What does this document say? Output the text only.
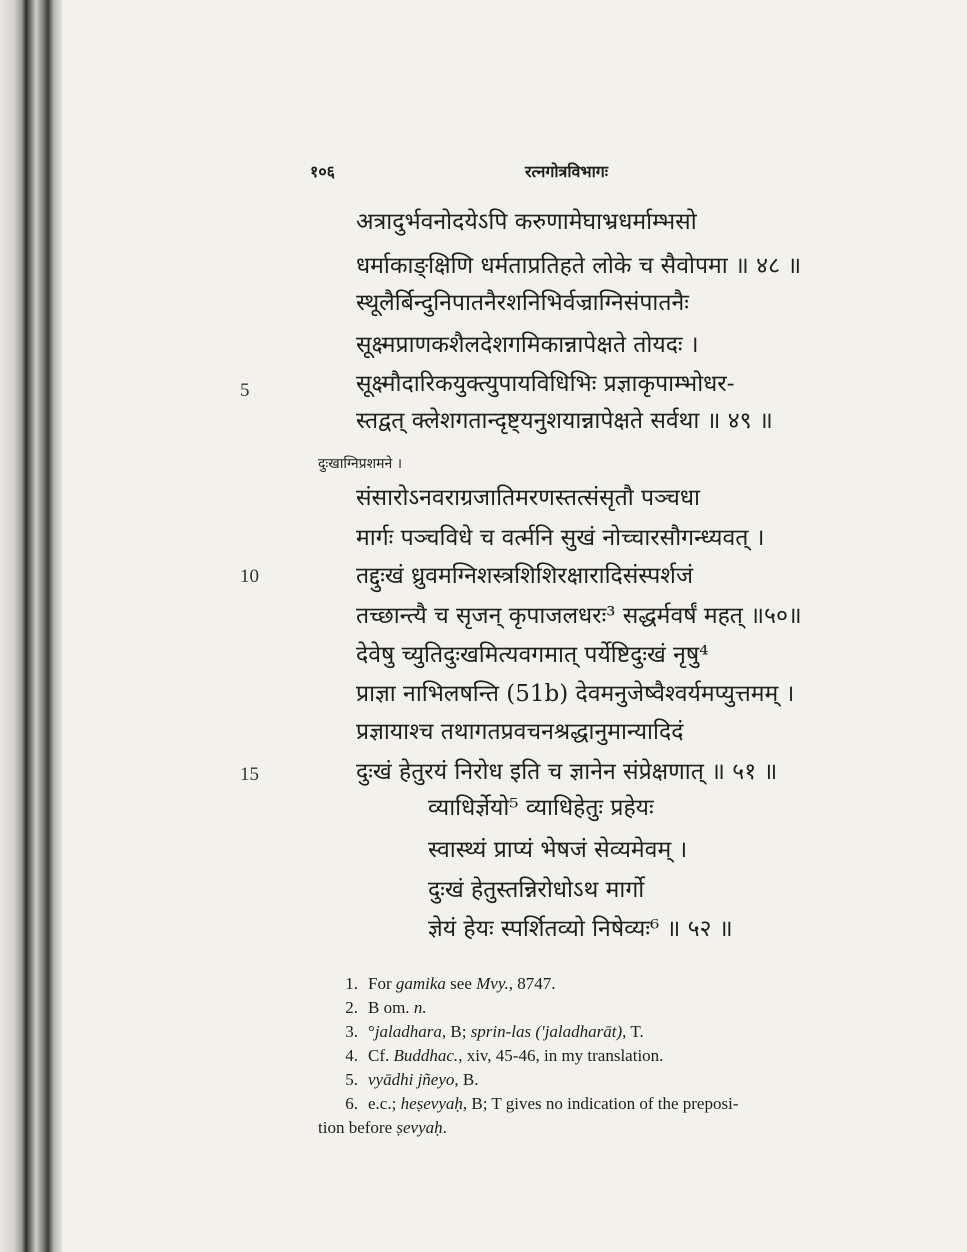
१०६	रत्नगोत्रविभागः
5
10
15
अत्रादुर्भवनोदयेऽपि करुणामेघाभ्रधर्माम्भसो
धर्माकाङ्क्षिणि धर्मताप्रतिहते लोके च सैवोपमा ॥ ४८ ॥
स्थूलैर्बिन्दुनिपातनैरशनिभिर्वज्राग्निसंपातनैः
सूक्ष्मप्राणकशैलदेशगमिकान्नापेक्षते तोयदः ।
सूक्ष्मौदारिकयुक्त्युपायविधिभिः प्रज्ञाकृपाम्भोधर-
स्तद्वत् क्लेशगतान्दृष्ट्यनुशयान्नापेक्षते सर्वथा ॥ ४९ ॥
दुःखाग्निप्रशमने ।
संसारोऽनवराग्रजातिमरणस्तत्संसृतौ पञ्चधा
मार्गः पञ्चविधे च वर्त्मनि सुखं नोच्चारसौगन्ध्यवत् ।
तद्दुःखं ध्रुवमग्निशस्त्रशिशिरक्षारादिसंस्पर्शजं
तच्छान्त्यै च सृजन् कृपाजलधरः³ सद्धर्मवर्षं महत् ॥५०॥
देवेषु च्युतिदुःखमित्यवगमात् पर्येष्टिदुःखं नृषु⁴
प्राज्ञा नाभिलषन्ति (51b) देवमनुजेष्वैश्वर्यमप्युत्तमम् ।
प्रज्ञायाश्च तथागतप्रवचनश्रद्धानुमान्यादिदं
दुःखं हेतुरयं निरोध इति च ज्ञानेन संप्रेक्षणात् ॥ ५१ ॥
व्याधिर्ज्ञेयो⁵ व्याधिहेतुः प्रहेयः
स्वास्थ्यं प्राप्यं भेषजं सेव्यमेवम् ।
दुःखं हेतुस्तन्निरोधोऽथ मार्गो
ज्ञेयं हेयः स्पर्शितव्यो निषेव्यः⁶ ॥ ५२ ॥
1. For gamika see Mvy., 8747.
2. B om. n.
3. °jaladhara, B; sprin-las ('jaladharāt), T.
4. Cf. Buddhac., xiv, 45-46, in my translation.
5. vyādhi jñeyo, B.
6. e.c.; heṣevyaḥ, B; T gives no indication of the preposi-
tion before ṣevyaḥ.
